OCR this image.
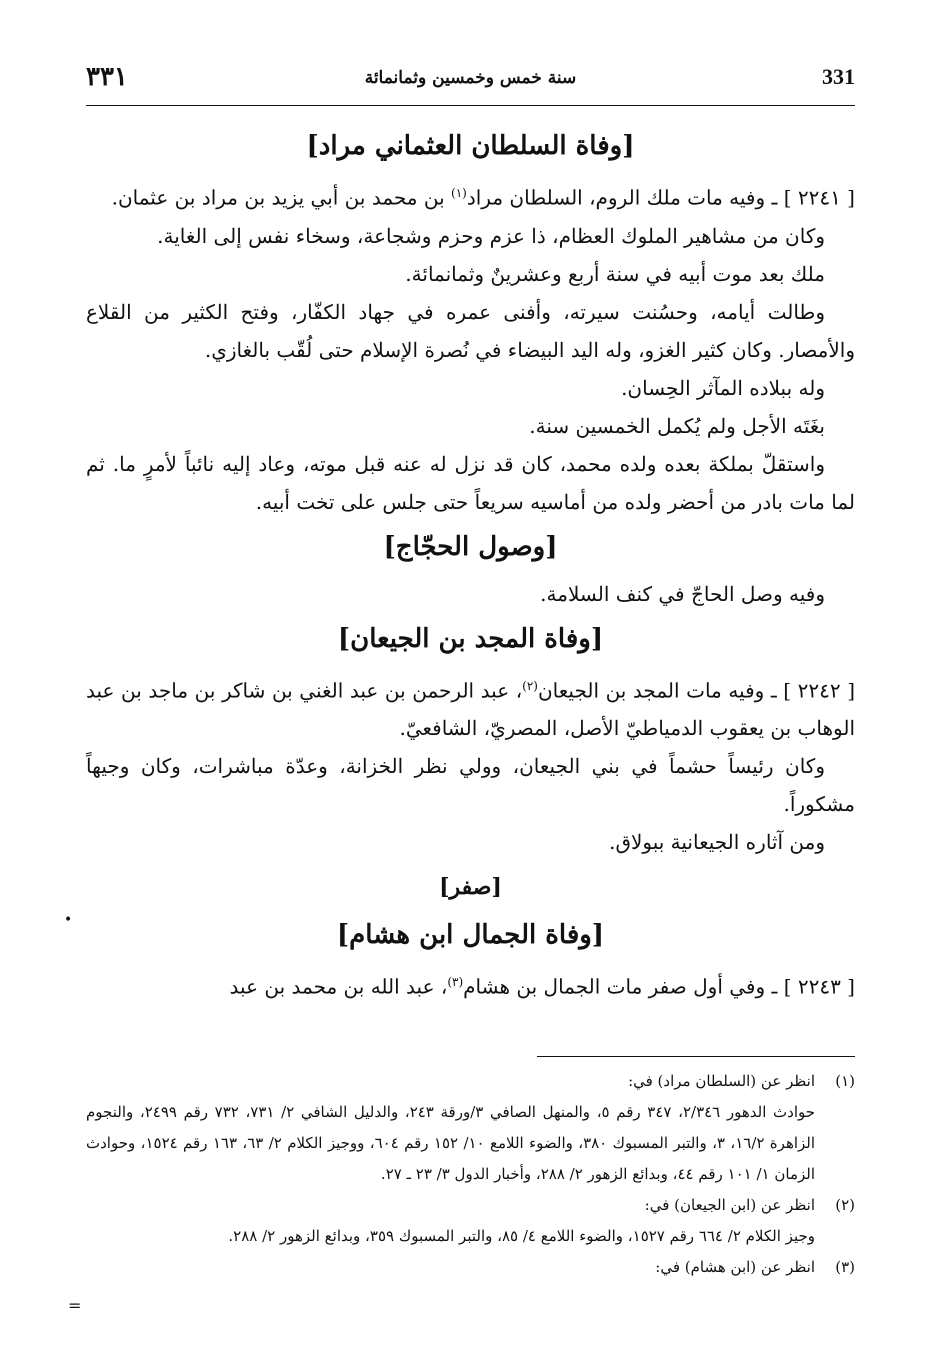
٣٣١	سنة خمس وخمسين وثمانمائة	331
[وفاة السلطان العثماني مراد]
[ ٢٢٤١ ] ـ وفيه مات ملك الروم، السلطان مراد$^{(١)}$ بن محمد بن أبي يزيد بن مراد بن عثمان.
وكان من مشاهير الملوك العظام، ذا عزم وحزم وشجاعة، وسخاء نفس إلى الغاية.
ملك بعد موت أبيه في سنة أربع وعشرينٌ وثمانمائة.
وطالت أيامه، وحسُنت سيرته، وأفنى عمره في جهاد الكفّار، وفتح الكثير من القلاع والأمصار. وكان كثير الغزو، وله اليد البيضاء في نُصرة الإسلام حتى لُقّب بالغازي.
وله ببلاده المآثر الحِسان.
بغَتَه الأجل ولم يُكمل الخمسين سنة.
واستقلّ بملكة بعده ولده محمد، كان قد نزل له عنه قبل موته، وعاد إليه نائباً لأمرٍ ما. ثم لما مات بادر من أحضر ولده من أماسيه سريعاً حتى جلس على تخت أبيه.
[وصول الحجّاج]
وفيه وصل الحاجّ في كنف السلامة.
[وفاة المجد بن الجيعان]
[ ٢٢٤٢ ] ـ وفيه مات المجد بن الجيعان$^{(٢)}$، عبد الرحمن بن عبد الغني بن شاكر بن ماجد بن عبد الوهاب بن يعقوب الدمياطيّ الأصل، المصريّ، الشافعيّ.
وكان رئيساً حشماً في بني الجيعان، وولي نظر الخزانة، وعدّة مباشرات، وكان وجيهاً مشكوراً.
ومن آثاره الجيعانية ببولاق.
[صفر]
[وفاة الجمال ابن هشام]
[ ٢٢٤٣ ] ـ وفي أول صفر مات الجمال بن هشام$^{(٣)}$، عبد الله بن محمد بن عبد
(١)انظر عن (السلطان مراد) في:
حوادث الدهور ٢/٣٤٦، ٣٤٧ رقم ٥، والمنهل الصافي ٣/ورقة ٢٤٣، والدليل الشافي ٢/ ٧٣١، ٧٣٢ رقم ٢٤٩٩، والنجوم الزاهرة ١٦/٢، ٣، والتبر المسبوك ٣٨٠، والضوء اللامع ١٠/ ١٥٢ رقم ٦٠٤، ووجيز الكلام ٢/ ٦٣، ١٦٣ رقم ١٥٢٤، وحوادث الزمان ١/ ١٠١ رقم ٤٤، وبدائع الزهور ٢/ ٢٨٨، وأخبار الدول ٣/ ٢٣ ـ ٢٧.
(٢)انظر عن (ابن الجيعان) في:
وجيز الكلام ٢/ ٦٦٤ رقم ١٥٢٧، والضوء اللامع ٤/ ٨٥، والتبر المسبوك ٣٥٩، وبدائع الزهور ٢/ ٢٨٨.
(٣)انظر عن (ابن هشام) في:
•
=
